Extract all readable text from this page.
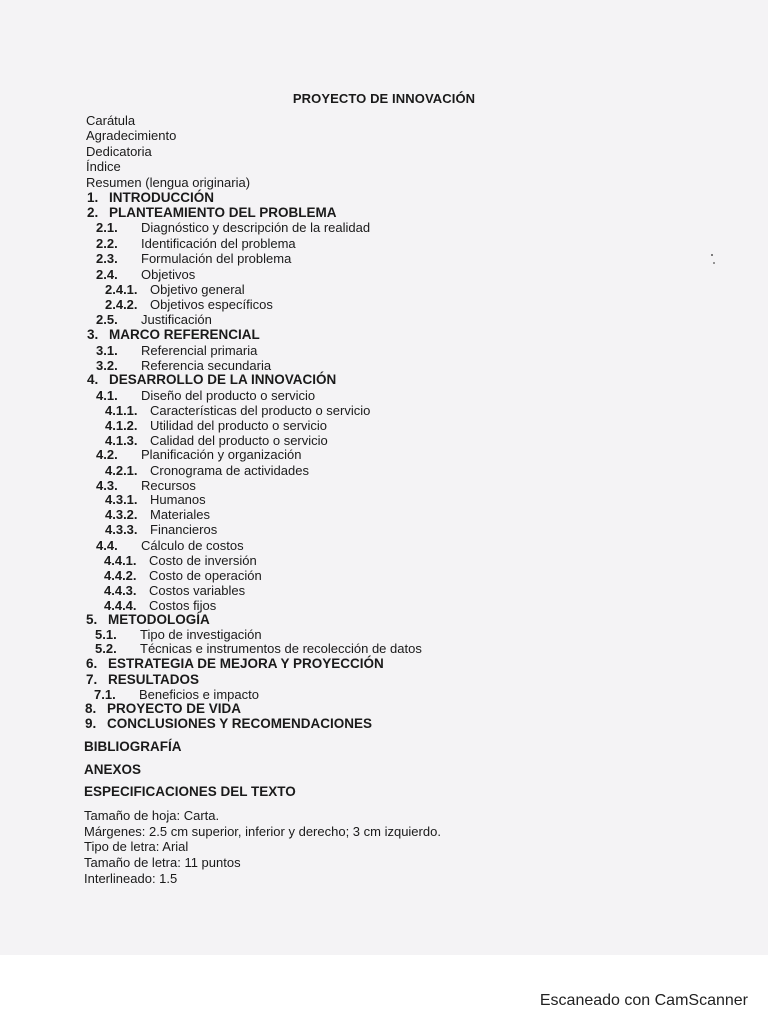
PROYECTO DE INNOVACIÓN
Carátula
Agradecimiento
Dedicatoria
Índice
Resumen (lengua originaria)
1. INTRODUCCIÓN
2. PLANTEAMIENTO DEL PROBLEMA
2.1. Diagnóstico y descripción de la realidad
2.2. Identificación del problema
2.3. Formulación del problema
2.4. Objetivos
2.4.1. Objetivo general
2.4.2. Objetivos específicos
2.5. Justificación
3. MARCO REFERENCIAL
3.1. Referencial primaria
3.2. Referencia secundaria
4. DESARROLLO DE LA INNOVACIÓN
4.1. Diseño del producto o servicio
4.1.1. Características del producto o servicio
4.1.2. Utilidad del producto o servicio
4.1.3. Calidad del producto o servicio
4.2. Planificación y organización
4.2.1. Cronograma de actividades
4.3. Recursos
4.3.1. Humanos
4.3.2. Materiales
4.3.3. Financieros
4.4. Cálculo de costos
4.4.1. Costo de inversión
4.4.2. Costo de operación
4.4.3. Costos variables
4.4.4. Costos fijos
5. METODOLOGÍA
5.1. Tipo de investigación
5.2. Técnicas e instrumentos de recolección de datos
6. ESTRATEGIA DE MEJORA Y PROYECCIÓN
7. RESULTADOS
7.1. Beneficios e impacto
8. PROYECTO DE VIDA
9. CONCLUSIONES Y RECOMENDACIONES
BIBLIOGRAFÍA
ANEXOS
ESPECIFICACIONES DEL TEXTO
Tamaño de hoja: Carta.
Márgenes: 2.5 cm superior, inferior y derecho; 3 cm izquierdo.
Tipo de letra: Arial
Tamaño de letra: 11 puntos
Interlineado: 1.5
Escaneado con CamScanner
